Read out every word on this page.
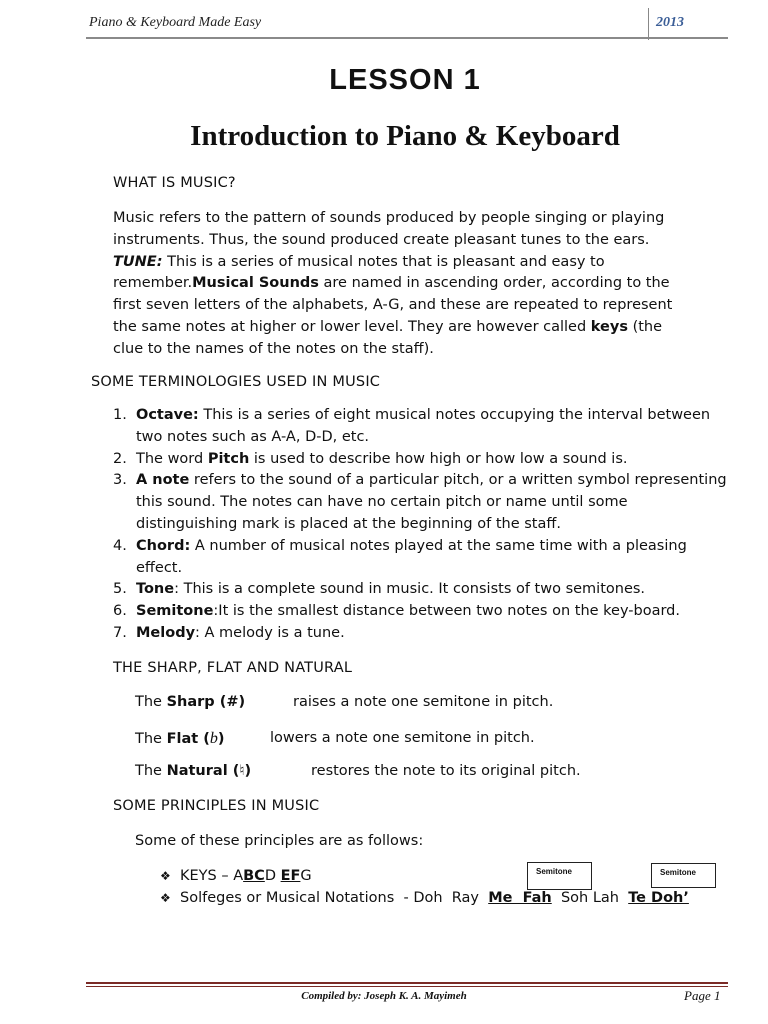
Piano & Keyboard Made Easy	2013
LESSON 1
Introduction to Piano & Keyboard
WHAT IS MUSIC?
Music refers to the pattern of sounds produced by people singing or playing
instruments. Thus, the sound produced create pleasant tunes to the ears.
TUNE: This is a series of musical notes that is pleasant and easy to
remember.Musical Sounds are named in ascending order, according to the
first seven letters of the alphabets, A-G, and these are repeated to represent
the same notes at higher or lower level. They are however called keys (the
clue to the names of the notes on the staff).
SOME TERMINOLOGIES USED IN MUSIC
1. Octave: This is a series of eight musical notes occupying the interval between two notes such as A-A, D-D, etc.
2. The word Pitch is used to describe how high or how low a sound is.
3. A note refers to the sound of a particular pitch, or a written symbol representing this sound. The notes can have no certain pitch or name until some distinguishing mark is placed at the beginning of the staff.
4. Chord: A number of musical notes played at the same time with a pleasing effect.
5. Tone: This is a complete sound in music. It consists of two semitones.
6. Semitone:It is the smallest distance between two notes on the key-board.
7. Melody: A melody is a tune.
THE SHARP, FLAT AND NATURAL
The Sharp (#)	raises a note one semitone in pitch.
The Flat (b)	lowers a note one semitone in pitch.
The Natural (♮)	restores the note to its original pitch.
SOME PRINCIPLES IN MUSIC
Some of these principles are as follows:
Semitone	Semitone
❖ KEYS – ABCD EFG
❖ Solfeges or Musical Notations  - Doh  Ray  Me  Fah  Soh Lah  Te Doh’
Compiled by: Joseph K. A. Mayimeh	Page 1
